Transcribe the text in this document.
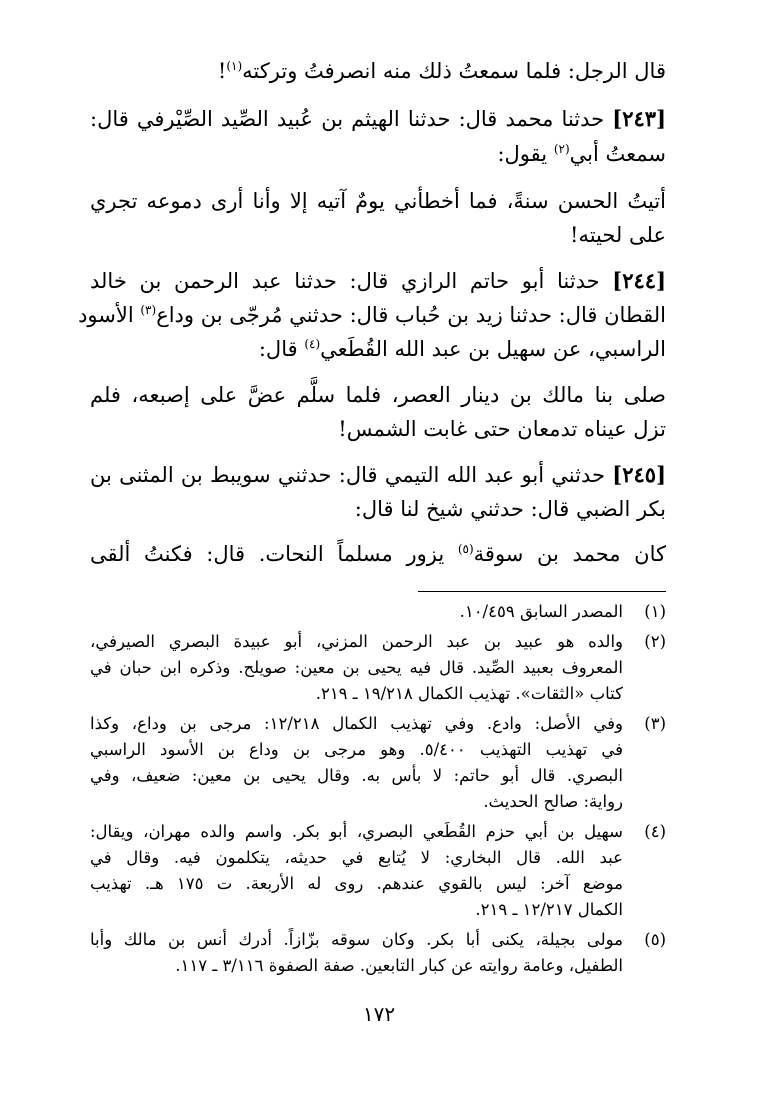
قال الرجل: فلما سمعتُ ذلك منه انصرفتُ وتركته$^{(١)}$!
[٢٤٣] حدثنا محمد قال: حدثنا الهيثم بن عُبيد الصِّيد الصِّيْرفي قال:
سمعتُ أبي$^{(٢)}$ يقول:
أتيتُ الحسن سنةً، فما أخطأني يومٌ آتيه إلا وأنا أرى دموعه تجري
على لحيته!
[٢٤٤] حدثنا أبو حاتم الرازي قال: حدثنا عبد الرحمن بن خالد
القطان قال: حدثنا زيد بن حُباب قال: حدثني مُرجّى بن وداع$^{(٣)}$ الأسود
الراسبي، عن سهيل بن عبد الله القُطَعي$^{(٤)}$ قال:
صلى بنا مالك بن دينار العصر، فلما سلَّم عضَّ على إصبعه، فلم
تزل عيناه تدمعان حتى غابت الشمس!
[٢٤٥] حدثني أبو عبد الله التيمي قال: حدثني سويبط بن المثنى بن
بكر الضبي قال: حدثني شيخ لنا قال:
كان محمد بن سوقة$^{(٥)}$ يزور مسلماً النحات. قال: فكنتُ ألقى
(١)
المصدر السابق ١٠/٤٥٩.
(٢)
والده هو عبيد بن عبد الرحمن المزني، أبو عبيدة البصري الصيرفي،
المعروف بعبيد الصِّيد. قال فيه يحيى بن معين: صويلح. وذكره ابن حبان في
كتاب «الثقات». تهذيب الكمال ١٩/٢١٨ ـ ٢١٩.
(٣)
وفي الأصل: وادع. وفي تهذيب الكمال ١٢/٢١٨: مرجى بن وداع، وكذا
في تهذيب التهذيب ٥/٤٠٠. وهو مرجى بن وداع بن الأسود الراسبي
البصري. قال أبو حاتم: لا بأس به. وقال يحيى بن معين: ضعيف، وفي
رواية: صالح الحديث.
(٤)
سهيل بن أبي حزم القُطَعي البصري، أبو بكر. واسم والده مهران، ويقال:
عبد الله. قال البخاري: لا يُتابع في حديثه، يتكلمون فيه. وقال في
موضع آخر: ليس بالقوي عندهم. روى له الأربعة. ت ١٧٥ هـ. تهذيب
الكمال ١٢/٢١٧ ـ ٢١٩.
(٥)
مولى بجيلة، يكنى أبا بكر. وكان سوقه بزّازاً. أدرك أنس بن مالك وأبا
الطفيل، وعامة روايته عن كبار التابعين. صفة الصفوة ٣/١١٦ ـ ١١٧.
١٧٢
